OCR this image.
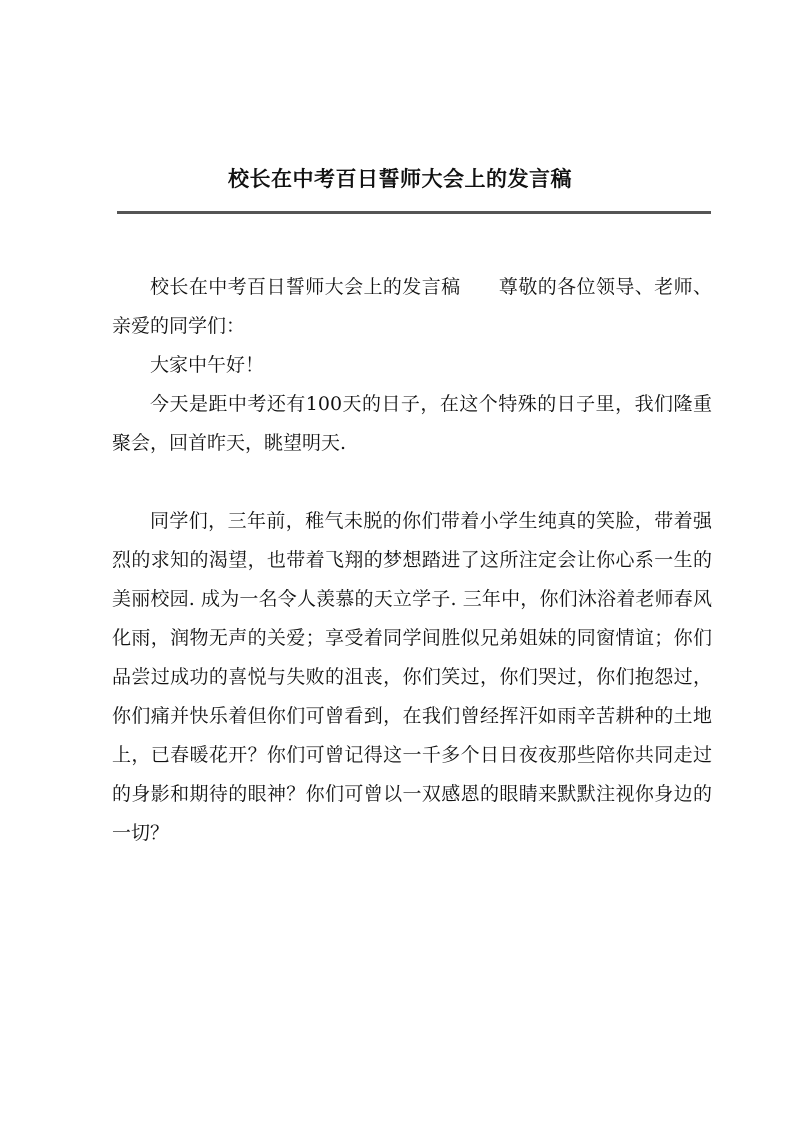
校长在中考百日誓师大会上的发言稿

校长在中考百日誓师大会上的发言稿 尊敬的各位领导、老师、亲爱的同学们：

大家中午好！

今天是距中考还有100天的日子，在这个特殊的日子里，我们隆重聚会，回首昨天，眺望明天.

同学们，三年前，稚气未脱的你们带着小学生纯真的笑脸，带着强烈的求知的渴望，也带着飞翔的梦想踏进了这所注定会让你心系一生的美丽校园. 成为一名令人羡慕的天立学子. 三年中，你们沐浴着老师春风化雨，润物无声的关爱；享受着同学间胜似兄弟姐妹的同窗情谊；你们品尝过成功的喜悦与失败的沮丧，你们笑过，你们哭过，你们抱怨过，你们痛并快乐着但你们可曾看到，在我们曾经挥汗如雨辛苦耕种的土地上，已春暖花开？你们可曾记得这一千多个日日夜夜那些陪你共同走过的身影和期待的眼神？你们可曾以一双感恩的眼睛来默默注视你身边的一切？
